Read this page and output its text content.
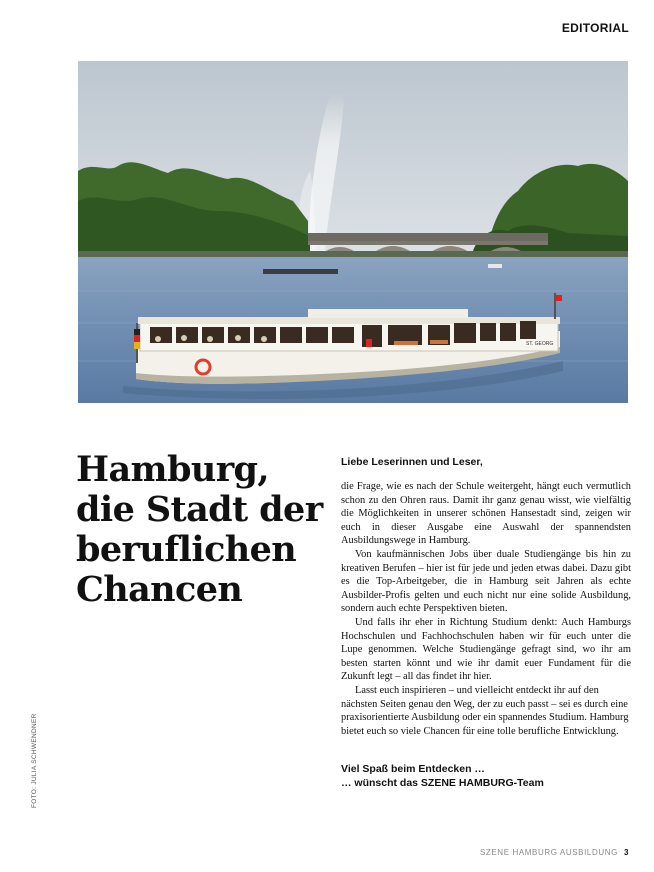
EDITORIAL
ST. GEORG
Hamburg,
die Stadt der
beruflichen
Chancen
Liebe Leserinnen und Leser,

die Frage, wie es nach der Schule weitergeht, hängt euch vermutlich schon zu den Ohren raus. Damit ihr ganz genau wisst, wie vielfältig die Möglichkeiten in unserer schönen Hansestadt sind, zeigen wir euch in dieser Ausgabe eine Auswahl der spannendsten Ausbildungswege in Hamburg.

Von kaufmännischen Jobs über duale Studiengänge bis hin zu kreativen Berufen – hier ist für jede und jeden etwas dabei. Dazu gibt es die Top-Arbeitgeber, die in Hamburg seit Jahren als echte Ausbilder-Profis gelten und euch nicht nur eine solide Ausbildung, sondern auch echte Perspektiven bieten.

Und falls ihr eher in Richtung Studium denkt: Auch Hamburgs Hochschulen und Fachhochschulen haben wir für euch unter die Lupe genommen. Welche Studiengänge gefragt sind, wo ihr am besten starten könnt und wie ihr damit euer Fundament für die Zukunft legt – all das findet ihr hier.

Lasst euch inspirieren – und vielleicht entdeckt ihr auf den nächsten Seiten genau den Weg, der zu euch passt – sei es durch eine praxisorientierte Ausbildung oder ein spannendes Studium. Hamburg bietet euch so viele Chancen für eine tolle berufliche Entwicklung.

Viel Spaß beim Entdecken …
… wünscht das SZENE HAMBURG-Team
FOTO: JULIA SCHWENDNER
SZENE HAMBURG AUSBILDUNG 3
